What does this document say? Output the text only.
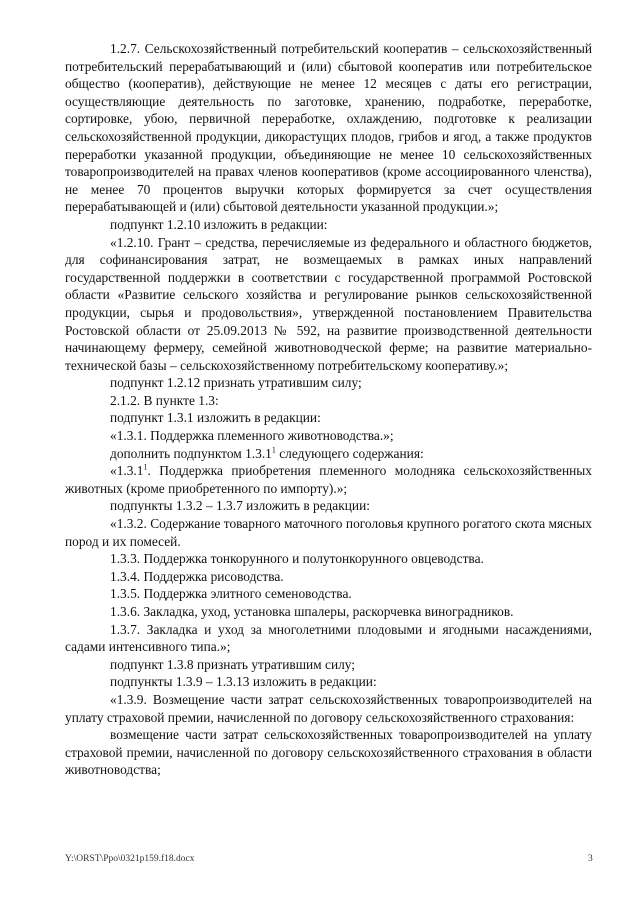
1.2.7. Сельскохозяйственный потребительский кооператив – сельскохозяйственный потребительский перерабатывающий и (или) сбытовой кооператив или потребительское общество (кооператив), действующие не менее 12 месяцев с даты его регистрации, осуществляющие деятельность по заготовке, хранению, подработке, переработке, сортировке, убою, первичной переработке, охлаждению, подготовке к реализации сельскохозяйственной продукции, дикорастущих плодов, грибов и ягод, а также продуктов переработки указанной продукции, объединяющие не менее 10 сельскохозяйственных товаропроизводителей на правах членов кооперативов (кроме ассоциированного членства), не менее 70 процентов выручки которых формируется за счет осуществления перерабатывающей и (или) сбытовой деятельности указанной продукции.»;

подпункт 1.2.10 изложить в редакции:

«1.2.10. Грант – средства, перечисляемые из федерального и областного бюджетов, для софинансирования затрат, не возмещаемых в рамках иных направлений государственной поддержки в соответствии с государственной программой Ростовской области «Развитие сельского хозяйства и регулирование рынков сельскохозяйственной продукции, сырья и продовольствия», утвержденной постановлением Правительства Ростовской области от 25.09.2013 № 592, на развитие производственной деятельности начинающему фермеру, семейной животноводческой ферме; на развитие материально-технической базы – сельскохозяйственному потребительскому кооперативу.»;

подпункт 1.2.12 признать утратившим силу;

2.1.2. В пункте 1.3:

подпункт 1.3.1 изложить в редакции:

«1.3.1. Поддержка племенного животноводства.»;

дополнить подпунктом 1.3.1$^1$ следующего содержания:

«1.3.1$^1$. Поддержка приобретения племенного молодняка сельскохозяйственных животных (кроме приобретенного по импорту).»;

подпункты 1.3.2 – 1.3.7 изложить в редакции:

«1.3.2. Содержание товарного маточного поголовья крупного рогатого скота мясных пород и их помесей.

1.3.3. Поддержка тонкорунного и полутонкорунного овцеводства.

1.3.4. Поддержка рисоводства.

1.3.5. Поддержка элитного семеноводства.

1.3.6. Закладка, уход, установка шпалеры, раскорчевка виноградников.

1.3.7. Закладка и уход за многолетними плодовыми и ягодными насаждениями, садами интенсивного типа.»;

подпункт 1.3.8 признать утратившим силу;

подпункты 1.3.9 – 1.3.13 изложить в редакции:

«1.3.9. Возмещение части затрат сельскохозяйственных товаропроизводителей на уплату страховой премии, начисленной по договору сельскохозяйственного страхования:

возмещение части затрат сельскохозяйственных товаропроизводителей на уплату страховой премии, начисленной по договору сельскохозяйственного страхования в области животноводства;

Y:\ORST\Ppo\0321p159.f18.docx	3
